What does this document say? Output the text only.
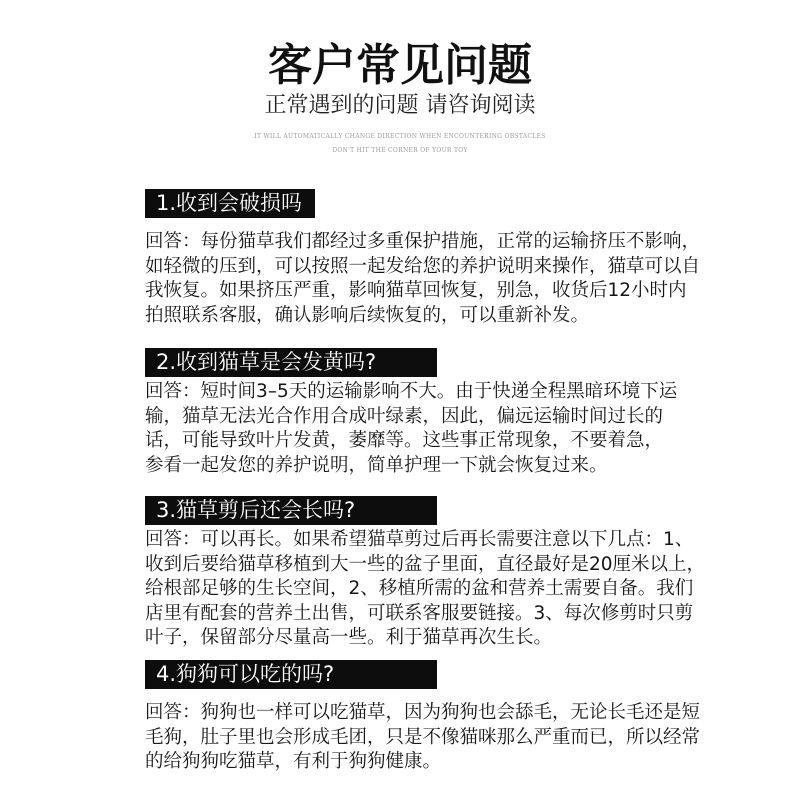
客户常见问题
正常遇到的问题 请咨询阅读
IT WILL AUTOMATICALLY CHANGE DIRECTION WHEN ENCOUNTERING OBSTACLES
DON'T HIT THE CORNER OF YOUR TOY
1.收到会破损吗
回答：每份猫草我们都经过多重保护措施，正常的运输挤压不影响，
如轻微的压到，可以按照一起发给您的养护说明来操作，猫草可以自
我恢复。如果挤压严重，影响猫草回恢复，别急，收货后12小时内
拍照联系客服，确认影响后续恢复的，可以重新补发。
2.收到猫草是会发黄吗?
回答：短时间3–5天的运输影响不大。由于快递全程黑暗环境下运
输，猫草无法光合作用合成叶绿素，因此，偏远运输时间过长的
话，可能导致叶片发黄，萎靡等。这些事正常现象，不要着急，
参看一起发您的养护说明，简单护理一下就会恢复过来。
3.猫草剪后还会长吗?
回答：可以再长。如果希望猫草剪过后再长需要注意以下几点：1、
收到后要给猫草移植到大一些的盆子里面，直径最好是20厘米以上，
给根部足够的生长空间，2、移植所需的盆和营养土需要自备。我们
店里有配套的营养土出售，可联系客服要链接。3、每次修剪时只剪
叶子，保留部分尽量高一些。利于猫草再次生长。
4.狗狗可以吃的吗?
回答：狗狗也一样可以吃猫草，因为狗狗也会舔毛，无论长毛还是短
毛狗，肚子里也会形成毛团，只是不像猫咪那么严重而已，所以经常
的给狗狗吃猫草，有利于狗狗健康。
